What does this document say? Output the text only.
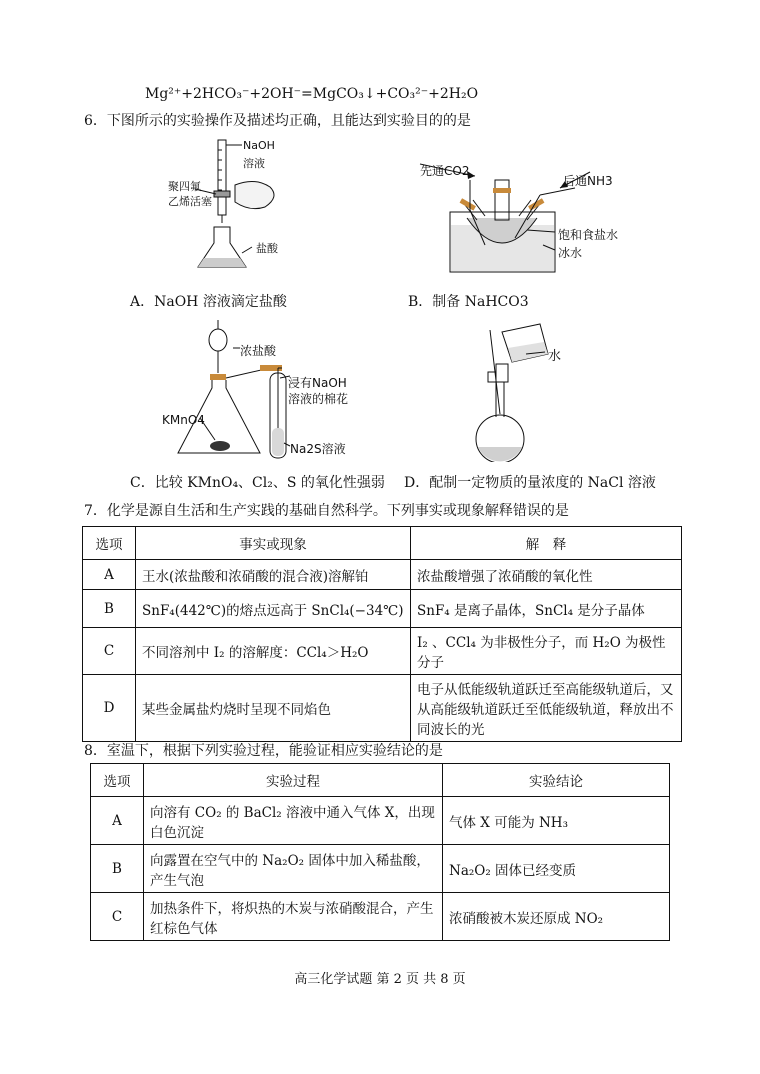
Mg²⁺+2HCO₃⁻+2OH⁻=MgCO₃↓+CO₃²⁻+2H₂O
6．下图所示的实验操作及描述均正确，且能达到实验目的的是
NaOH
溶液
聚四氟
乙烯活塞
盐酸
A．NaOH 溶液滴定盐酸
先通CO2
后通NH3
饱和食盐水
冰水
B．制备 NaHCO3
浓盐酸
浸有NaOH
溶液的棉花
KMnO4
Na2S溶液
C．比较 KMnO₄、Cl₂、S 的氧化性强弱
水
D．配制一定物质的量浓度的 NaCl 溶液
7．化学是源自生活和生产实践的基础自然科学。下列事实或现象解释错误的是
选项	事实或现象	解　释
A	王水(浓盐酸和浓硝酸的混合液)溶解铂	浓盐酸增强了浓硝酸的氧化性
B	SnF₄(442℃)的熔点远高于 SnCl₄(−34℃)	SnF₄ 是离子晶体，SnCl₄ 是分子晶体
C	不同溶剂中 I₂ 的溶解度：CCl₄＞H₂O	I₂ 、CCl₄ 为非极性分子，而 H₂O 为极性分子
D	某些金属盐灼烧时呈现不同焰色	电子从低能级轨道跃迁至高能级轨道后，又从高能级轨道跃迁至低能级轨道，释放出不同波长的光
8．室温下，根据下列实验过程，能验证相应实验结论的是
选项	实验过程	实验结论
A	向溶有 CO₂ 的 BaCl₂ 溶液中通入气体 X，出现白色沉淀	气体 X 可能为 NH₃
B	向露置在空气中的 Na₂O₂ 固体中加入稀盐酸，产生气泡	Na₂O₂ 固体已经变质
C	加热条件下，将炽热的木炭与浓硝酸混合，产生红棕色气体	浓硝酸被木炭还原成 NO₂
高三化学试题 第 2 页 共 8 页
